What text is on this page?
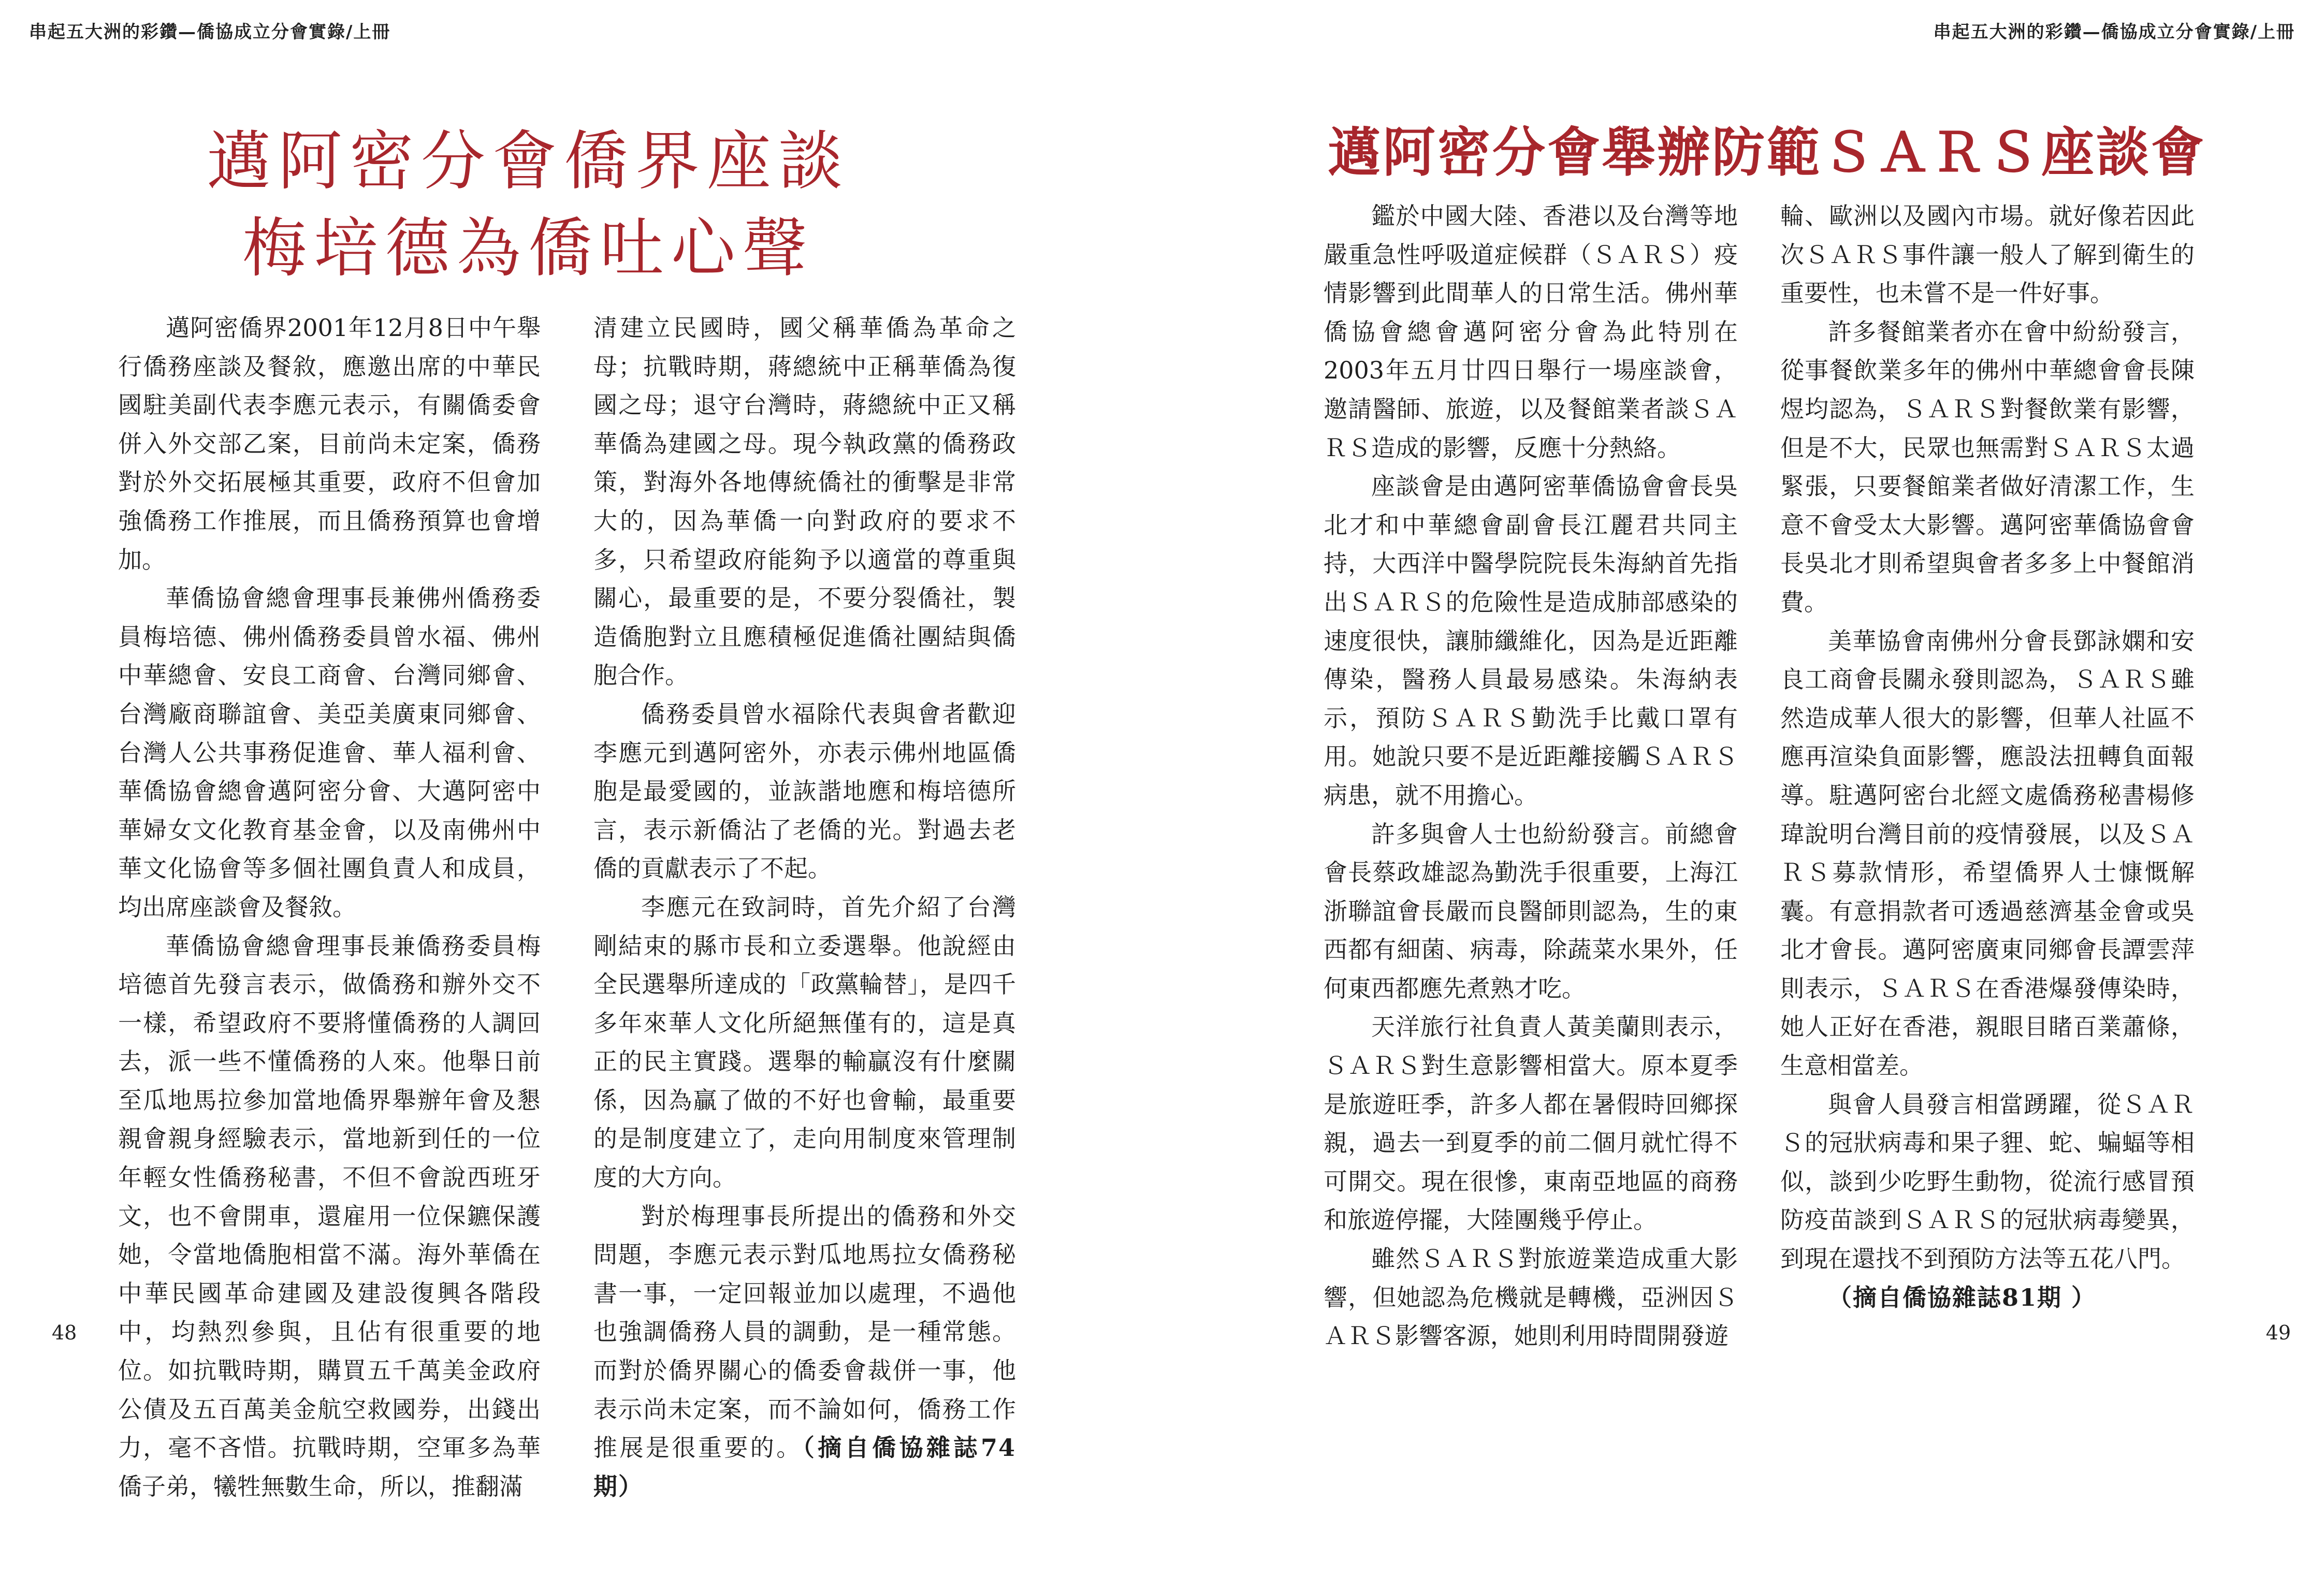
串起五大洲的彩鑽—僑協成立分會實錄/上冊
邁阿密分會僑界座談
梅培德為僑吐心聲

邁阿密僑界2001年12月8日中午舉行僑務座談及餐敘，應邀出席的中華民國駐美副代表李應元表示，有關僑委會併入外交部乙案，目前尚未定案，僑務對於外交拓展極其重要，政府不但會加強僑務工作推展，而且僑務預算也會增加。

華僑協會總會理事長兼佛州僑務委員梅培德、佛州僑務委員曾水福、佛州中華總會、安良工商會、台灣同鄉會、台灣廠商聯誼會、美亞美廣東同鄉會、台灣人公共事務促進會、華人福利會、華僑協會總會邁阿密分會、大邁阿密中華婦女文化教育基金會，以及南佛州中華文化協會等多個社團負責人和成員，均出席座談會及餐敘。

華僑協會總會理事長兼僑務委員梅培德首先發言表示，做僑務和辦外交不一樣，希望政府不要將懂僑務的人調回去，派一些不懂僑務的人來。他舉日前至瓜地馬拉參加當地僑界舉辦年會及懇親會親身經驗表示，當地新到任的一位年輕女性僑務秘書，不但不會說西班牙文，也不會開車，還雇用一位保鑣保護她，令當地僑胞相當不滿。海外華僑在中華民國革命建國及建設復興各階段中，均熱烈參與，且佔有很重要的地位。如抗戰時期，購買五千萬美金政府公債及五百萬美金航空救國券，出錢出力，毫不吝惜。抗戰時期，空軍多為華僑子弟，犧牲無數生命，所以，推翻滿

清建立民國時，國父稱華僑為革命之母；抗戰時期，蔣總統中正稱華僑為復國之母；退守台灣時，蔣總統中正又稱華僑為建國之母。現今執政黨的僑務政策，對海外各地傳統僑社的衝擊是非常大的，因為華僑一向對政府的要求不多，只希望政府能夠予以適當的尊重與關心，最重要的是，不要分裂僑社，製造僑胞對立且應積極促進僑社團結與僑胞合作。

僑務委員曾水福除代表與會者歡迎李應元到邁阿密外，亦表示佛州地區僑胞是最愛國的，並詼諧地應和梅培德所言，表示新僑沾了老僑的光。對過去老僑的貢獻表示了不起。

李應元在致詞時，首先介紹了台灣剛結束的縣市長和立委選舉。他說經由全民選舉所達成的「政黨輪替」，是四千多年來華人文化所絕無僅有的，這是真正的民主實踐。選舉的輸贏沒有什麼關係，因為贏了做的不好也會輸，最重要的是制度建立了，走向用制度來管理制度的大方向。

對於梅理事長所提出的僑務和外交問題，李應元表示對瓜地馬拉女僑務秘書一事，一定回報並加以處理，不過他也強調僑務人員的調動，是一種常態。而對於僑界關心的僑委會裁併一事，他表示尚未定案，而不論如何，僑務工作推展是很重要的。（摘自僑協雜誌74期）

48
串起五大洲的彩鑽—僑協成立分會實錄/上冊
邁阿密分會舉辦防範ＳＡＲＳ座談會

鑑於中國大陸、香港以及台灣等地嚴重急性呼吸道症候群（ＳＡＲＳ）疫情影響到此間華人的日常生活。佛州華僑協會總會邁阿密分會為此特別在2003年五月廿四日舉行一場座談會，邀請醫師、旅遊，以及餐館業者談ＳＡＲＳ造成的影響，反應十分熱絡。

座談會是由邁阿密華僑協會會長吳北才和中華總會副會長江麗君共同主持，大西洋中醫學院院長朱海納首先指出ＳＡＲＳ的危險性是造成肺部感染的速度很快，讓肺纖維化，因為是近距離傳染，醫務人員最易感染。朱海納表示，預防ＳＡＲＳ勤洗手比戴口罩有用。她說只要不是近距離接觸ＳＡＲＳ病患，就不用擔心。

許多與會人士也紛紛發言。前總會會長蔡政雄認為勤洗手很重要，上海江浙聯誼會長嚴而良醫師則認為，生的東西都有細菌、病毒，除蔬菜水果外，任何東西都應先煮熟才吃。

天洋旅行社負責人黃美蘭則表示，ＳＡＲＳ對生意影響相當大。原本夏季是旅遊旺季，許多人都在暑假時回鄉探親，過去一到夏季的前二個月就忙得不可開交。現在很慘，東南亞地區的商務和旅遊停擺，大陸團幾乎停止。

雖然ＳＡＲＳ對旅遊業造成重大影響，但她認為危機就是轉機，亞洲因ＳＡＲＳ影響客源，她則利用時間開發遊

輪、歐洲以及國內市場。就好像若因此次ＳＡＲＳ事件讓一般人了解到衛生的重要性，也未嘗不是一件好事。

許多餐館業者亦在會中紛紛發言，從事餐飲業多年的佛州中華總會會長陳煜均認為，ＳＡＲＳ對餐飲業有影響，但是不大，民眾也無需對ＳＡＲＳ太過緊張，只要餐館業者做好清潔工作，生意不會受太大影響。邁阿密華僑協會會長吳北才則希望與會者多多上中餐館消費。

美華協會南佛州分會長鄧詠嫻和安良工商會長關永發則認為，ＳＡＲＳ雖然造成華人很大的影響，但華人社區不應再渲染負面影響，應設法扭轉負面報導。駐邁阿密台北經文處僑務秘書楊修瑋說明台灣目前的疫情發展，以及ＳＡＲＳ募款情形，希望僑界人士慷慨解囊。有意捐款者可透過慈濟基金會或吳北才會長。邁阿密廣東同鄉會長譚雲萍則表示，ＳＡＲＳ在香港爆發傳染時，她人正好在香港，親眼目睹百業蕭條，生意相當差。

與會人員發言相當踴躍，從ＳＡＲＳ的冠狀病毒和果子貍、蛇、蝙蝠等相似，談到少吃野生動物，從流行感冒預防疫苗談到ＳＡＲＳ的冠狀病毒變異，到現在還找不到預防方法等五花八門。

（摘自僑協雜誌81期 ）

49
